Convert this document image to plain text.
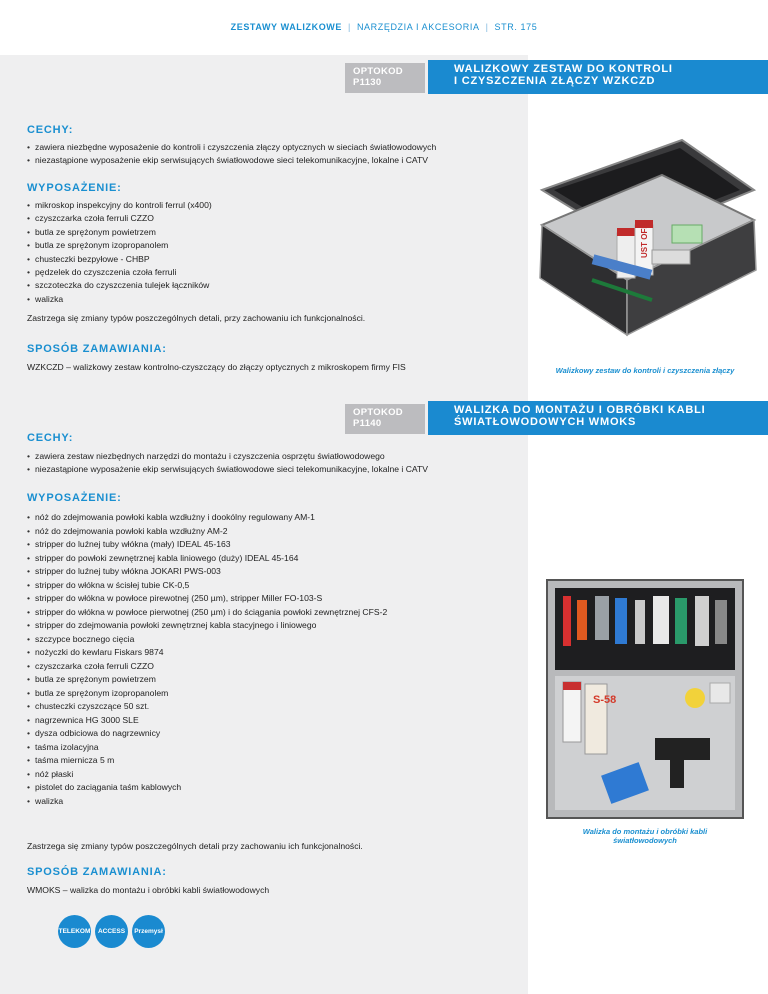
ZESTAWY WALIZKOWE | NARZĘDZIA I AKCESORIA | STR. 175
OPTOKOD
P1130
WALIZKOWY ZESTAW DO KONTROLI
I CZYSZCZENIA ZŁĄCZY WZKCZD
CECHY:
• zawiera niezbędne wyposażenie do kontroli i czyszczenia złączy optycznych w sieciach światłowodowych
• niezastąpione wyposażenie ekip serwisujących światłowodowe sieci telekomunikacyjne, lokalne i CATV
WYPOSAŻENIE:
• mikroskop inspekcyjny do kontroli ferrul (x400)
• czyszczarka czoła ferruli CZZO
• butla ze sprężonym powietrzem
• butla ze sprężonym izopropanolem
• chusteczki bezpyłowe - CHBP
• pędzelek do czyszczenia czoła ferruli
• szczoteczka do czyszczenia tulejek łączników
• walizka
Zastrzega się zmiany typów poszczególnych detali, przy zachowaniu ich funkcjonalności.
SPOSÓB ZAMAWIANIA:
WZKCZD – walizkowy zestaw kontrolno-czyszczący do złączy optycznych z mikroskopem firmy FIS
UST OFF
Walizkowy zestaw do kontroli i czyszczenia złączy
OPTOKOD
P1140
WALIZKA DO MONTAŻU I OBRÓBKI KABLI
ŚWIATŁOWODOWYCH WMOKS
CECHY:
• zawiera zestaw niezbędnych narzędzi do montażu i czyszczenia osprzętu światłowodowego
• niezastąpione wyposażenie ekip serwisujących światłowodowe sieci telekomunikacyjne, lokalne i CATV
WYPOSAŻENIE:
• nóż do zdejmowania powłoki kabla wzdłużny i dookólny regulowany AM-1
• nóż do zdejmowania powłoki kabla wzdłużny AM-2
• stripper do luźnej tuby włókna (mały) IDEAL 45-163
• stripper do powłoki zewnętrznej kabla liniowego (duży) IDEAL 45-164
• stripper do luźnej tuby włókna JOKARI PWS-003
• stripper do włókna w ścisłej tubie CK-0,5
• stripper do włókna w powłoce pirewotnej (250 µm), stripper Miller FO-103-S
• stripper do włókna w powłoce pierwotnej (250 µm) i do ściągania powłoki zewnętrznej CFS-2
• stripper do zdejmowania powłoki zewnętrznej kabla stacyjnego i liniowego
• szczypce bocznego cięcia
• nożyczki do kewlaru Fiskars 9874
• czyszczarka czoła ferruli CZZO
• butla ze sprężonym powietrzem
• butla ze sprężonym izopropanolem
• chusteczki czyszczące 50 szt.
• nagrzewnica HG 3000 SLE
• dysza odbiciowa do nagrzewnicy
• taśma izolacyjna
• taśma miernicza 5 m
• nóż płaski
• pistolet do zaciągania taśm kablowych
• walizka
Zastrzega się zmiany typów poszczególnych detali przy zachowaniu ich funkcjonalności.
SPOSÓB ZAMAWIANIA:
WMOKS – walizka do montażu i obróbki kabli światłowodowych
S-58
Walizka do montażu i obróbki kabli
światłowodowych
TELEKOM	ACCESS	Przemysł
